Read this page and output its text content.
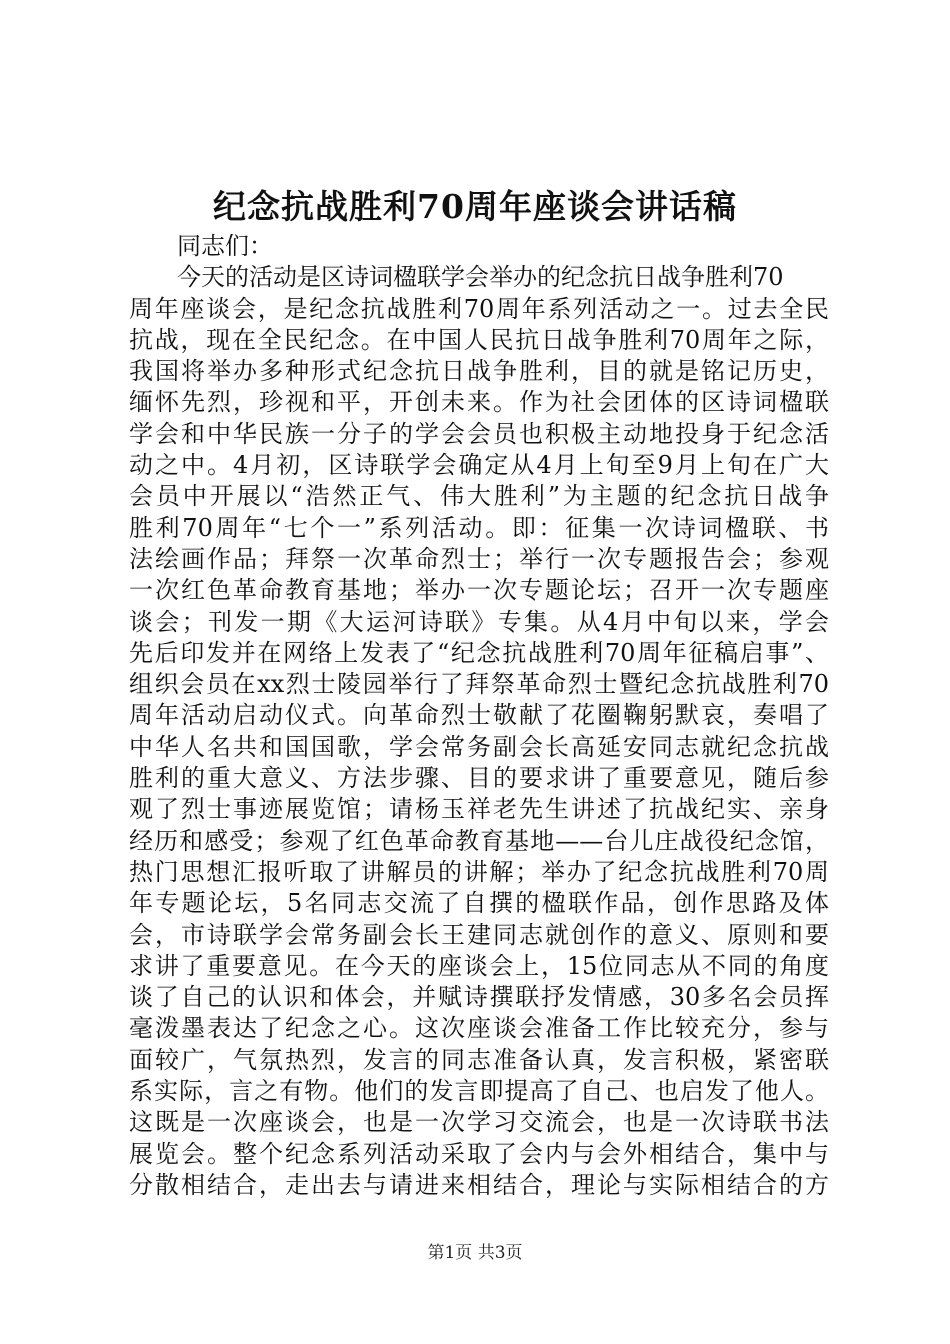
纪念抗战胜利70周年座谈会讲话稿
同志们：
今天的活动是区诗词楹联学会举办的纪念抗日战争胜利70
周年座谈会，是纪念抗战胜利70周年系列活动之一。过去全民
抗战，现在全民纪念。在中国人民抗日战争胜利70周年之际，
我国将举办多种形式纪念抗日战争胜利，目的就是铭记历史，
缅怀先烈，珍视和平，开创未来。作为社会团体的区诗词楹联
学会和中华民族一分子的学会会员也积极主动地投身于纪念活
动之中。4月初，区诗联学会确定从4月上旬至9月上旬在广大
会员中开展以“浩然正气、伟大胜利”为主题的纪念抗日战争
胜利70周年“七个一”系列活动。即：征集一次诗词楹联、书
法绘画作品；拜祭一次革命烈士；举行一次专题报告会；参观
一次红色革命教育基地；举办一次专题论坛；召开一次专题座
谈会；刊发一期《大运河诗联》专集。从4月中旬以来，学会
先后印发并在网络上发表了“纪念抗战胜利70周年征稿启事”、
组织会员在xx烈士陵园举行了拜祭革命烈士暨纪念抗战胜利70
周年活动启动仪式。向革命烈士敬献了花圈鞠躬默哀，奏唱了
中华人名共和国国歌，学会常务副会长高延安同志就纪念抗战
胜利的重大意义、方法步骤、目的要求讲了重要意见，随后参
观了烈士事迹展览馆；请杨玉祥老先生讲述了抗战纪实、亲身
经历和感受；参观了红色革命教育基地——台儿庄战役纪念馆，
热门思想汇报听取了讲解员的讲解；举办了纪念抗战胜利70周
年专题论坛，5名同志交流了自撰的楹联作品，创作思路及体
会，市诗联学会常务副会长王建同志就创作的意义、原则和要
求讲了重要意见。在今天的座谈会上，15位同志从不同的角度
谈了自己的认识和体会，并赋诗撰联抒发情感，30多名会员挥
毫泼墨表达了纪念之心。这次座谈会准备工作比较充分，参与
面较广，气氛热烈，发言的同志准备认真，发言积极，紧密联
系实际，言之有物。他们的发言即提高了自己、也启发了他人。
这既是一次座谈会，也是一次学习交流会，也是一次诗联书法
展览会。整个纪念系列活动采取了会内与会外相结合，集中与
分散相结合，走出去与请进来相结合，理论与实际相结合的方
第1页 共3页
